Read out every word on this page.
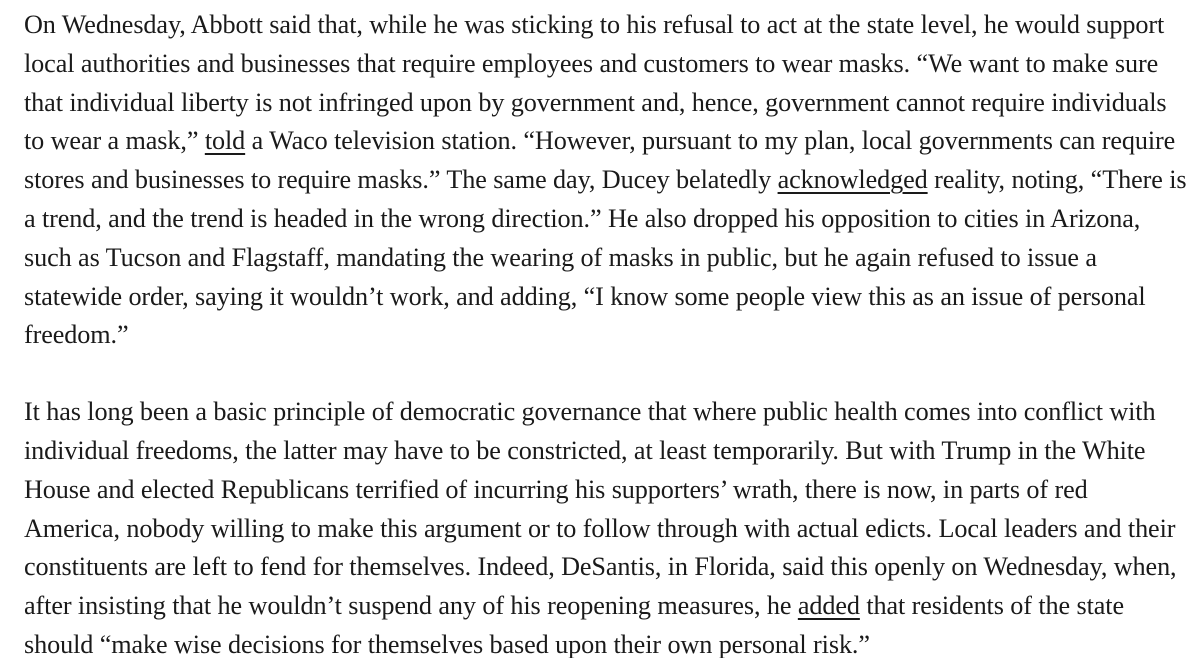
On Wednesday, Abbott said that, while he was sticking to his refusal to act at the state level, he would support
local authorities and businesses that require employees and customers to wear masks. “We want to make sure
that individual liberty is not infringed upon by government and, hence, government cannot require individuals
to wear a mask,” told a Waco television station. “However, pursuant to my plan, local governments can require
stores and businesses to require masks.” The same day, Ducey belatedly acknowledged reality, noting, “There is
a trend, and the trend is headed in the wrong direction.” He also dropped his opposition to cities in Arizona,
such as Tucson and Flagstaff, mandating the wearing of masks in public, but he again refused to issue a
statewide order, saying it wouldn’t work, and adding, “I know some people view this as an issue of personal
freedom.”

It has long been a basic principle of democratic governance that where public health comes into conflict with
individual freedoms, the latter may have to be constricted, at least temporarily. But with Trump in the White
House and elected Republicans terrified of incurring his supporters’ wrath, there is now, in parts of red
America, nobody willing to make this argument or to follow through with actual edicts. Local leaders and their
constituents are left to fend for themselves. Indeed, DeSantis, in Florida, said this openly on Wednesday, when,
after insisting that he wouldn’t suspend any of his reopening measures, he added that residents of the state
should “make wise decisions for themselves based upon their own personal risk.”
